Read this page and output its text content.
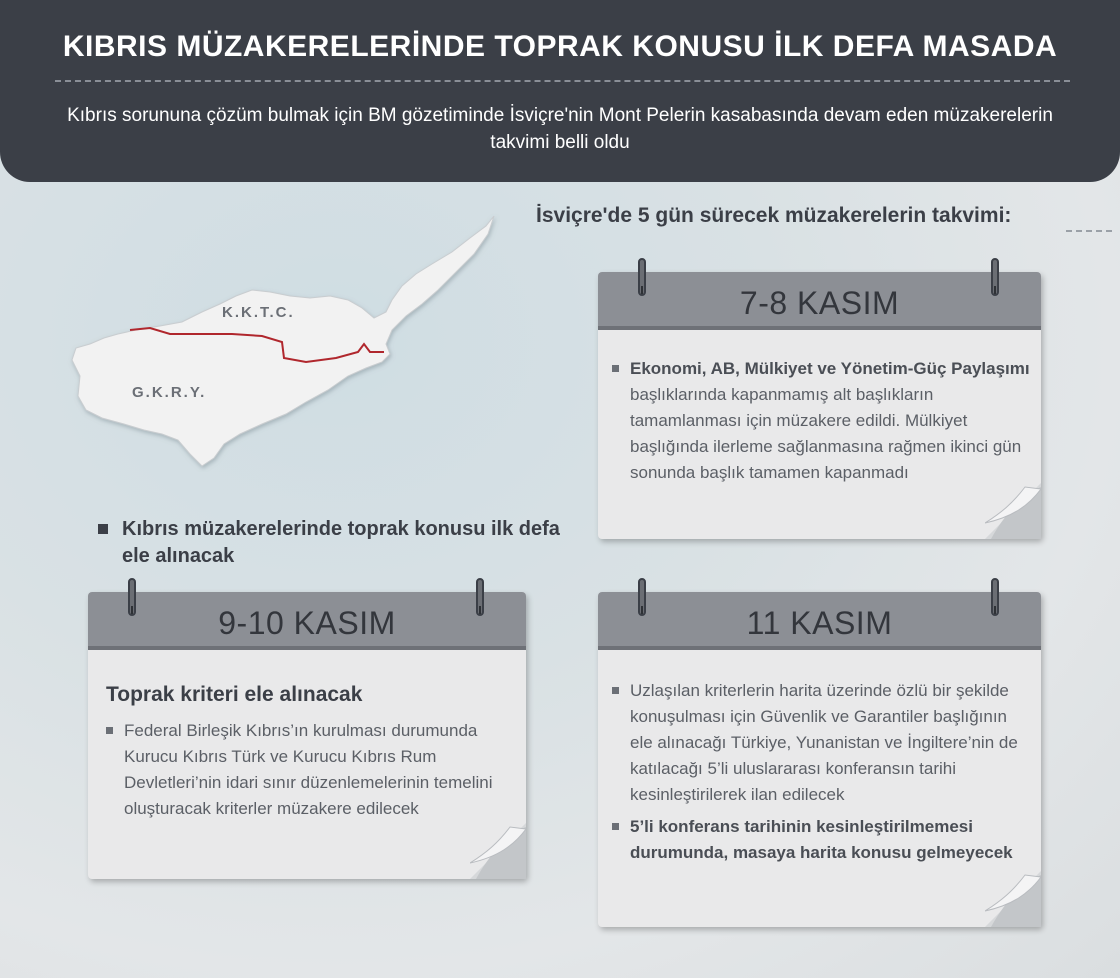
KIBRIS MÜZAKERELERİNDE TOPRAK KONUSU İLK DEFA MASADA
Kıbrıs sorununa çözüm bulmak için BM gözetiminde İsviçre'nin Mont Pelerin kasabasında devam eden müzakerelerin takvimi belli oldu
K.K.T.C.
G.K.R.Y.
İsviçre'de 5 gün sürecek müzakerelerin takvimi:
Kıbrıs müzakerelerinde toprak konusu ilk defa ele alınacak
7-8 KASIM
Ekonomi, AB, Mülkiyet ve Yönetim-Güç Paylaşımı başlıklarında kapanmamış alt başlıkların tamamlanması için müzakere edildi. Mülkiyet başlığında ilerleme sağlanmasına rağmen ikinci gün sonunda başlık tamamen kapanmadı
9-10 KASIM
Toprak kriteri ele alınacak
Federal Birleşik Kıbrıs’ın kurulması durumunda Kurucu Kıbrıs Türk ve Kurucu Kıbrıs Rum Devletleri’nin idari sınır düzenlemelerinin temelini oluşturacak kriterler müzakere edilecek
11 KASIM
Uzlaşılan kriterlerin harita üzerinde özlü bir şekilde konuşulması için Güvenlik ve Garantiler başlığının ele alınacağı Türkiye, Yunanistan ve İngiltere’nin de katılacağı 5’li uluslararası konferansın tarihi kesinleştirilerek ilan edilecek
5’li konferans tarihinin kesinleştirilmemesi durumunda, masaya harita konusu gelmeyecek
